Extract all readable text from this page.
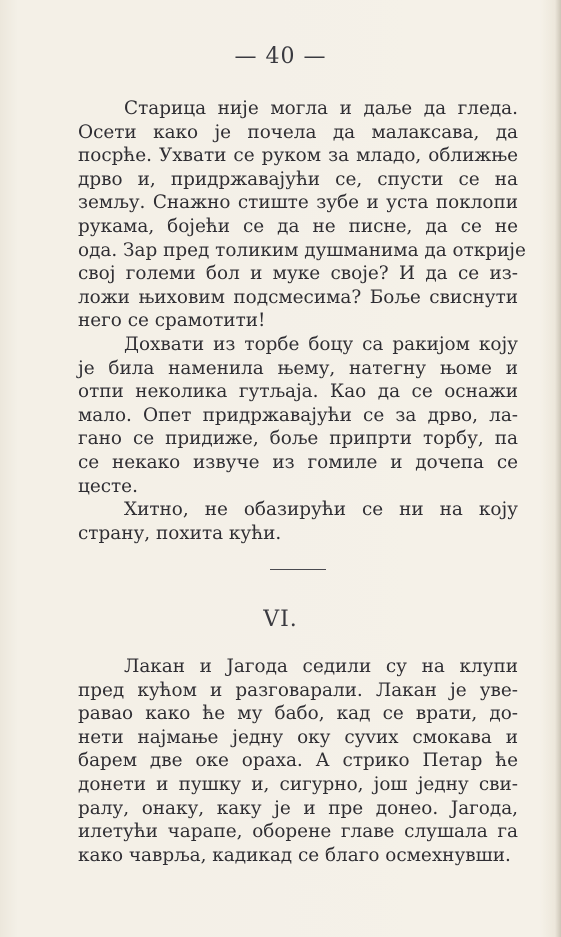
— 40 —
Старица није могла и даље да гледа.
Осети како је почела да малаксава, да
посрће. Ухвати се руком за младо, оближње
дрво и, придржавајући се, спусти се на
земљу. Снажно стиште зубе и уста поклопи
рукама, бојећи се да не писне, да се не
ода. Зар пред толиким душманима да открије
свој големи бол и муке своје? И да се из-
ложи њиховим подсмесима? Боље свиснути
него се срамотити!
Дохвати из торбе боцу са ракијом коју
је била наменила њему, натегну њоме и
отпи неколика гутљаја. Као да се оснажи
мало. Опет придржавајући се за дрво, ла-
гано се придиже, боље припрти торбу, па
се некако извуче из гомиле и дочепа се
цесте.
Хитно, не обазирући се ни на коју
страну, похита кући.
VI.
Лакан и Јагода седили су на клупи
пред кућом и разговарали. Лакан је уве-
равао како ће му бабо, кад се врати, до-
нети најмање једну оку суvих смокава и
барем две оке ораха. А стрико Петар ће
донети и пушку и, сигурно, још једну сви-
ралу, онаку, каку је и пре донео. Јагода,
илетући чарапе, оборене главе слушала га
како чаврља, кадикад се благо осмехнувши.
